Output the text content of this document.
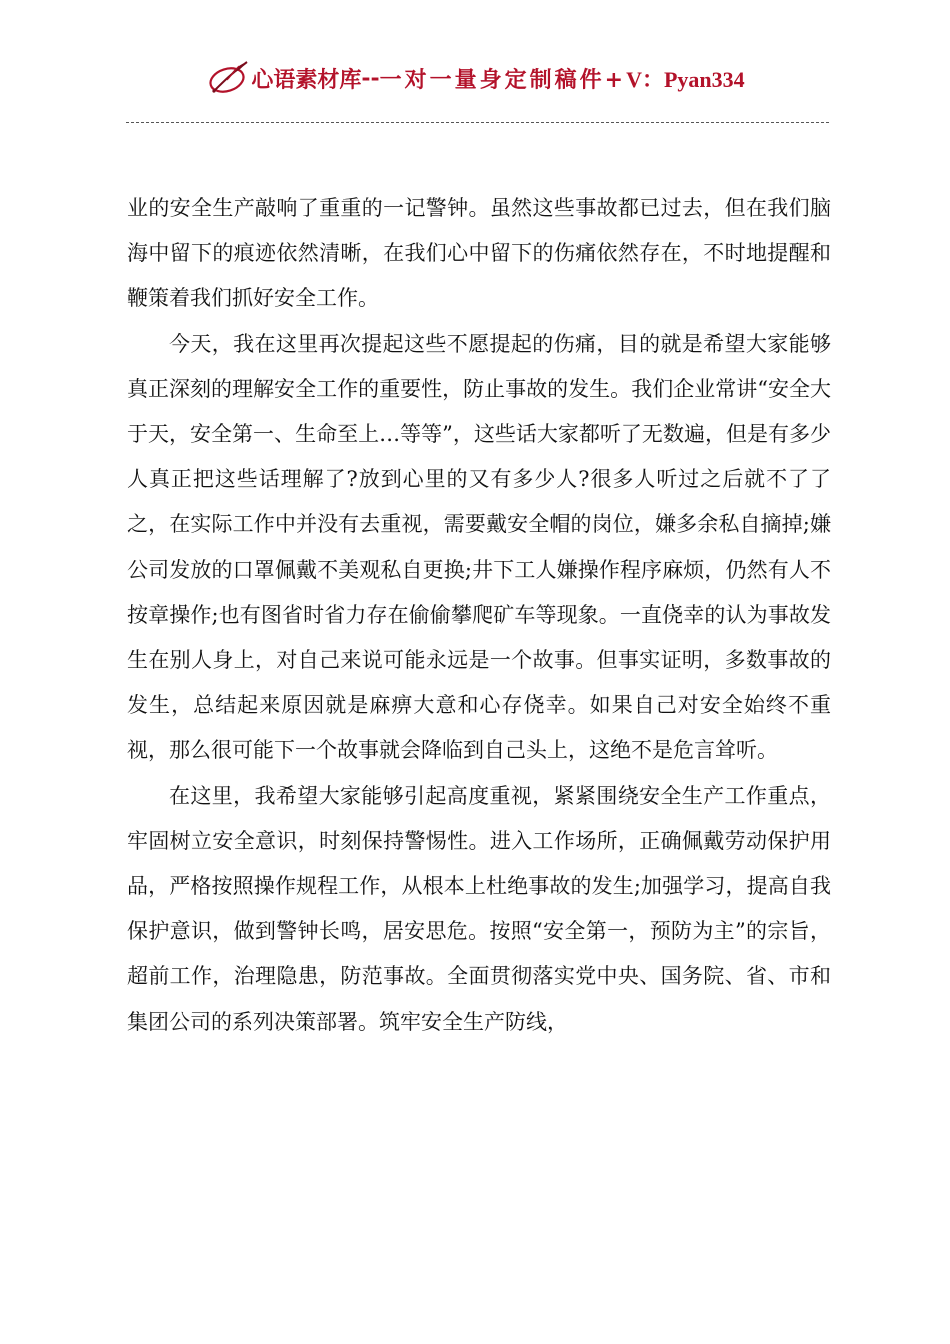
心语素材库 -- 一对一量身定制稿件+ V：Pyan334

业的安全生产敲响了重重的一记警钟。虽然这些事故都已过去，但在我们脑海中留下的痕迹依然清晰，在我们心中留下的伤痛依然存在，不时地提醒和鞭策着我们抓好安全工作。

今天，我在这里再次提起这些不愿提起的伤痛，目的就是希望大家能够真正深刻的理解安全工作的重要性，防止事故的发生。我们企业常讲“安全大于天，安全第一、生命至上…等等”，这些话大家都听了无数遍，但是有多少人真正把这些话理解了?放到心里的又有多少人?很多人听过之后就不了了之，在实际工作中并没有去重视，需要戴安全帽的岗位，嫌多余私自摘掉;嫌公司发放的口罩佩戴不美观私自更换;井下工人嫌操作程序麻烦，仍然有人不按章操作;也有图省时省力存在偷偷攀爬矿车等现象。一直侥幸的认为事故发生在别人身上，对自己来说可能永远是一个故事。但事实证明，多数事故的发生，总结起来原因就是麻痹大意和心存侥幸。如果自己对安全始终不重视，那么很可能下一个故事就会降临到自己头上，这绝不是危言耸听。

在这里，我希望大家能够引起高度重视，紧紧围绕安全生产工作重点，牢固树立安全意识，时刻保持警惕性。进入工作场所，正确佩戴劳动保护用品，严格按照操作规程工作，从根本上杜绝事故的发生;加强学习，提高自我保护意识，做到警钟长鸣，居安思危。按照“安全第一，预防为主”的宗旨，超前工作，治理隐患，防范事故。全面贯彻落实党中央、国务院、省、市和集团公司的系列决策部署。筑牢安全生产防线，
